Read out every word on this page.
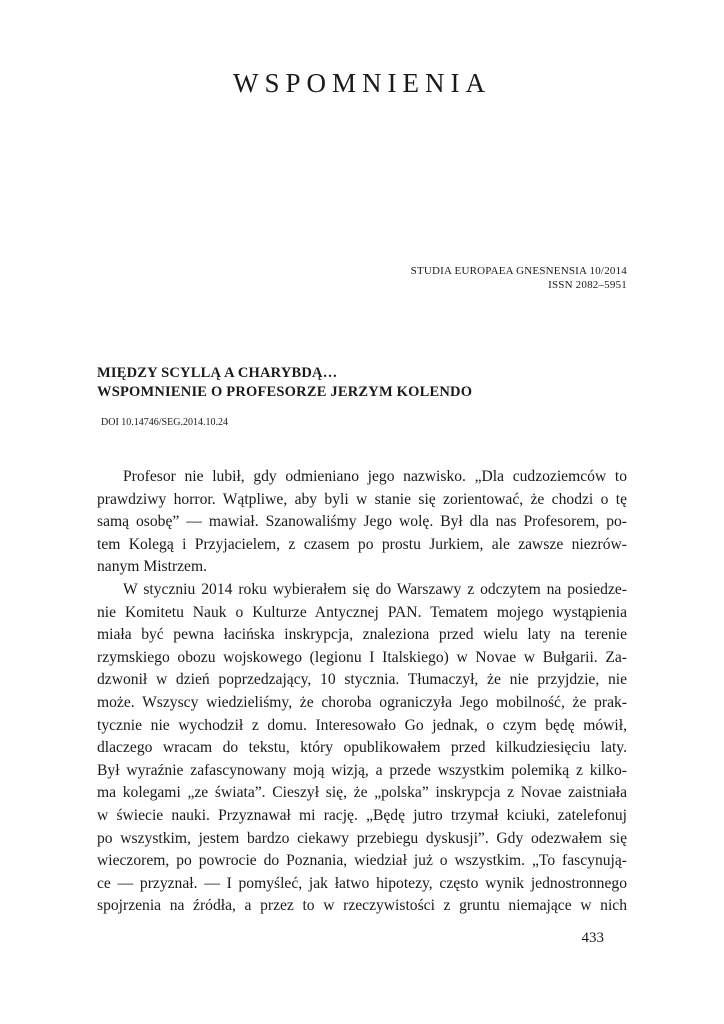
WSPOMNIENIA
STUDIA EUROPAEA GNESNENSIA 10/2014
ISSN 2082–5951
MIĘDZY SCYLLĄ A CHARYBDĄ…
WSPOMNIENIE O PROFESORZE JERZYM KOLENDO
DOI 10.14746/SEG.2014.10.24
Profesor nie lubił, gdy odmieniano jego nazwisko. „Dla cudzoziemców to
prawdziwy horror. Wątpliwe, aby byli w stanie się zorientować, że chodzi o tę
samą osobę” — mawiał. Szanowaliśmy Jego wolę. Był dla nas Profesorem, po-
tem Kolegą i Przyjacielem, z czasem po prostu Jurkiem, ale zawsze niezrów-
nanym Mistrzem.
W styczniu 2014 roku wybierałem się do Warszawy z odczytem na posiedze-
nie Komitetu Nauk o Kulturze Antycznej PAN. Tematem mojego wystąpienia
miała być pewna łacińska inskrypcja, znaleziona przed wielu laty na terenie
rzymskiego obozu wojskowego (legionu I Italskiego) w Novae w Bułgarii. Za-
dzwonił w dzień poprzedzający, 10 stycznia. Tłumaczył, że nie przyjdzie, nie
może. Wszyscy wiedzieliśmy, że choroba ograniczyła Jego mobilność, że prak-
tycznie nie wychodził z domu. Interesowało Go jednak, o czym będę mówił,
dlaczego wracam do tekstu, który opublikowałem przed kilkudziesięciu laty.
Był wyraźnie zafascynowany moją wizją, a przede wszystkim polemiką z kilko-
ma kolegami „ze świata”. Cieszył się, że „polska” inskrypcja z Novae zaistniała
w świecie nauki. Przyznawał mi rację. „Będę jutro trzymał kciuki, zatelefonuj
po wszystkim, jestem bardzo ciekawy przebiegu dyskusji”. Gdy odezwałem się
wieczorem, po powrocie do Poznania, wiedział już o wszystkim. „To fascynują-
ce — przyznał. — I pomyśleć, jak łatwo hipotezy, często wynik jednostronnego
spojrzenia na źródła, a przez to w rzeczywistości z gruntu niemające w nich
433
